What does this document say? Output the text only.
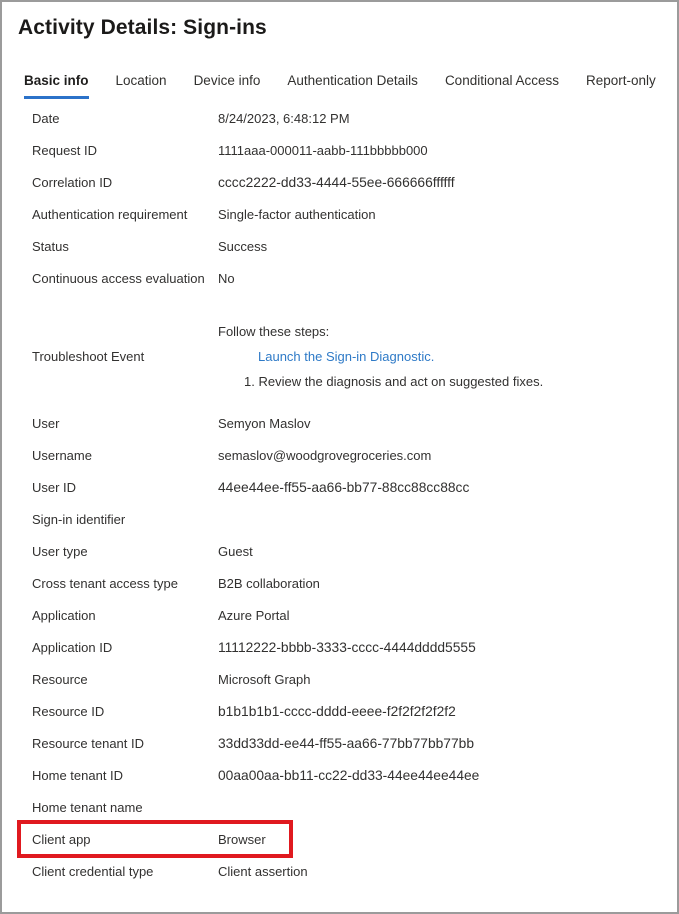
Activity Details: Sign-ins
Basic info Location Device info Authentication Details Conditional Access Report-only
Date	8/24/2023, 6:48:12 PM
Request ID	1111aaa-000011-aabb-111bbbbb000
Correlation ID	cccc2222-dd33-4444-55ee-666666ffffff
Authentication requirement	Single-factor authentication
Status	Success
Continuous access evaluation	No
Troubleshoot Event
Follow these steps:
Launch the Sign-in Diagnostic.
1. Review the diagnosis and act on suggested fixes.
User	Semyon Maslov
Username	semaslov@woodgrovegroceries.com
User ID	44ee44ee-ff55-aa66-bb77-88cc88cc88cc
Sign-in identifier
User type	Guest
Cross tenant access type	B2B collaboration
Application	Azure Portal
Application ID	11112222-bbbb-3333-cccc-4444dddd5555
Resource	Microsoft Graph
Resource ID	b1b1b1b1-cccc-dddd-eeee-f2f2f2f2f2f2
Resource tenant ID	33dd33dd-ee44-ff55-aa66-77bb77bb77bb
Home tenant ID	00aa00aa-bb11-cc22-dd33-44ee44ee44ee
Home tenant name
Client app	Browser
Client credential type	Client assertion
